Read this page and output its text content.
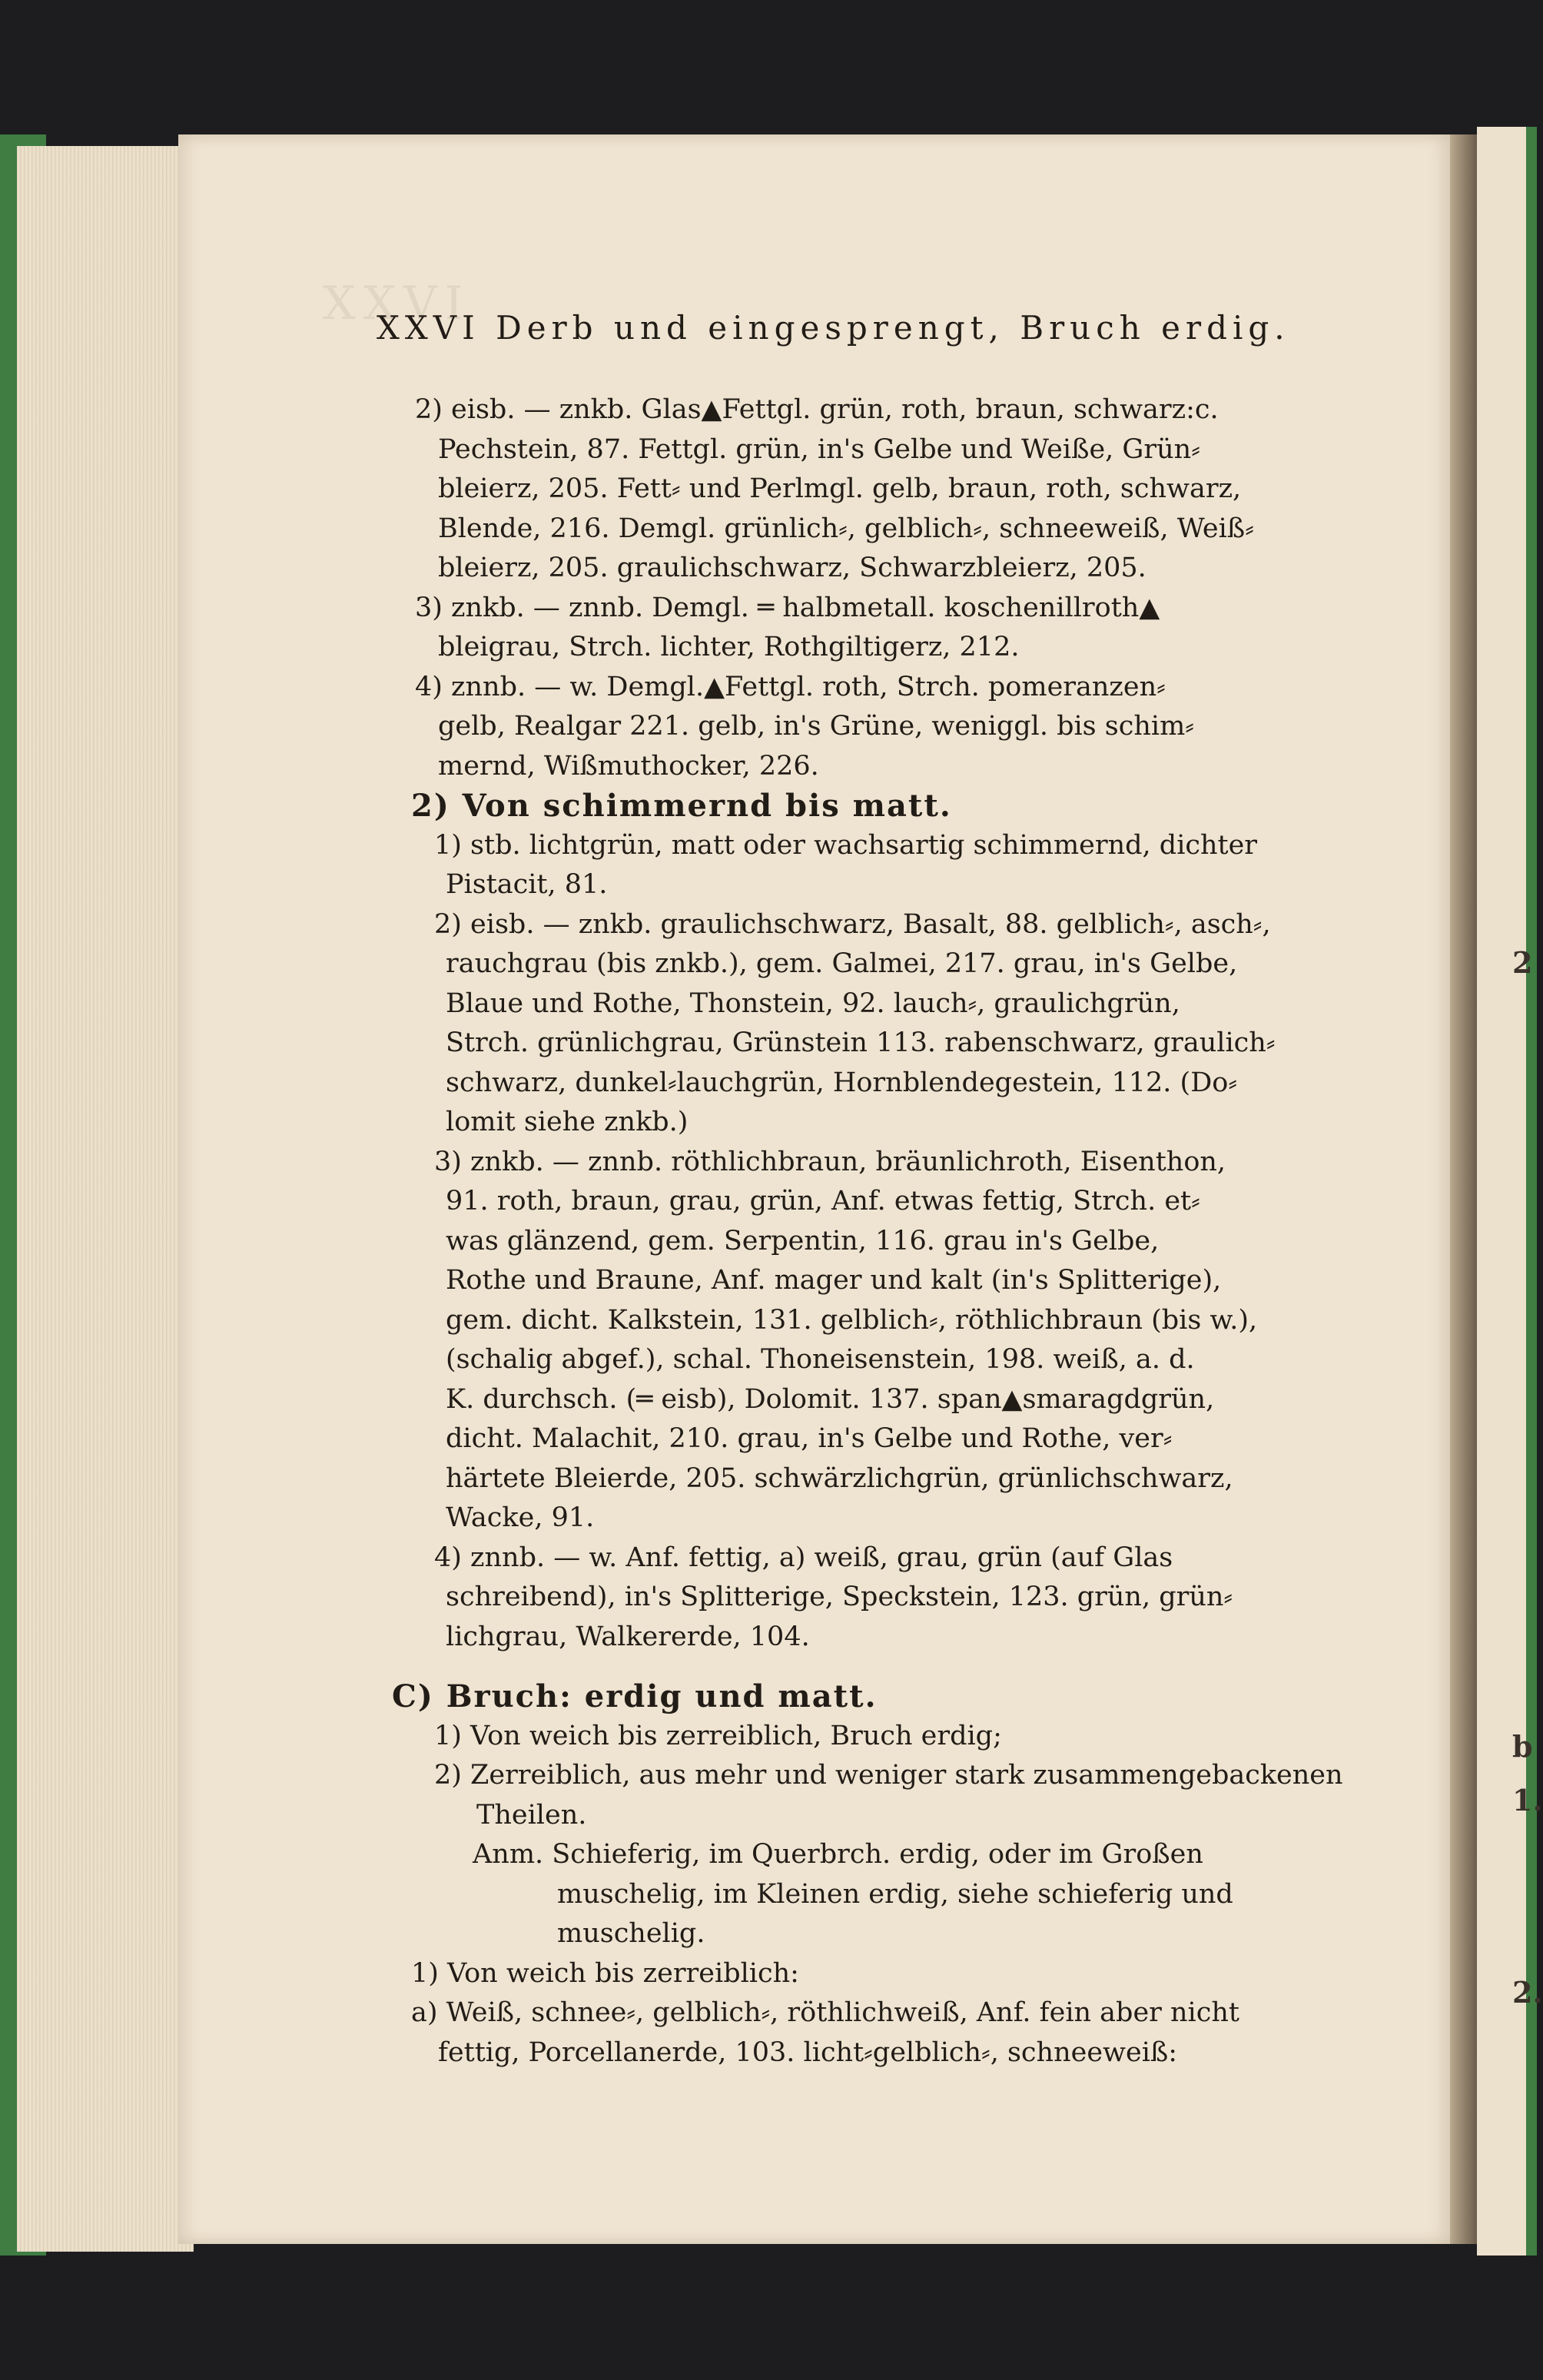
2
b
1.
2.
XXVI
XXVI Derb und eingesprengt, Bruch erdig.
2) eisb. — znkb. Glas▲Fettgl. grün, roth, braun, schwarz:c.
Pechstein, 87. Fettgl. grün, in's Gelbe und Weiße, Grün⸗
bleierz, 205. Fett⸗ und Perlmgl. gelb, braun, roth, schwarz,
Blende, 216. Demgl. grünlich⸗, gelblich⸗, schneeweiß, Weiß⸗
bleierz, 205. graulichschwarz, Schwarzbleierz, 205.
3) znkb. — znnb. Demgl. ═ halbmetall. koschenillroth▲
bleigrau, Strch. lichter, Rothgiltigerz, 212.
4) znnb. — w. Demgl.▲Fettgl. roth, Strch. pomeranzen⸗
gelb, Realgar 221. gelb, in's Grüne, weniggl. bis schim⸗
mernd, Wißmuthocker, 226.
2) Von schimmernd bis matt.
1) stb. lichtgrün, matt oder wachsartig schimmernd, dichter
Pistacit, 81.
2) eisb. — znkb. graulichschwarz, Basalt, 88. gelblich⸗, asch⸗,
rauchgrau (bis znkb.), gem. Galmei, 217. grau, in's Gelbe,
Blaue und Rothe, Thonstein, 92. lauch⸗, graulichgrün,
Strch. grünlichgrau, Grünstein 113. rabenschwarz, graulich⸗
schwarz, dunkel⸗lauchgrün, Hornblendegestein, 112. (Do⸗
lomit siehe znkb.)
3) znkb. — znnb. röthlichbraun, bräunlichroth, Eisenthon,
91. roth, braun, grau, grün, Anf. etwas fettig, Strch. et⸗
was glänzend, gem. Serpentin, 116. grau in's Gelbe,
Rothe und Braune, Anf. mager und kalt (in's Splitterige),
gem. dicht. Kalkstein, 131. gelblich⸗, röthlichbraun (bis w.),
(schalig abgef.), schal. Thoneisenstein, 198. weiß, a. d.
K. durchsch. (═ eisb), Dolomit. 137. span▲smaragdgrün,
dicht. Malachit, 210. grau, in's Gelbe und Rothe, ver⸗
härtete Bleierde, 205. schwärzlichgrün, grünlichschwarz,
Wacke, 91.
4) znnb. — w. Anf. fettig, a) weiß, grau, grün (auf Glas
schreibend), in's Splitterige, Speckstein, 123. grün, grün⸗
lichgrau, Walkererde, 104.
C) Bruch: erdig und matt.
1) Von weich bis zerreiblich, Bruch erdig;
2) Zerreiblich, aus mehr und weniger stark zusammengebackenen
Theilen.
Anm. Schieferig, im Querbrch. erdig, oder im Großen
muschelig, im Kleinen erdig, siehe schieferig und
muschelig.
1) Von weich bis zerreiblich:
a) Weiß, schnee⸗, gelblich⸗, röthlichweiß, Anf. fein aber nicht
fettig, Porcellanerde, 103. licht⸗gelblich⸗, schneeweiß:
